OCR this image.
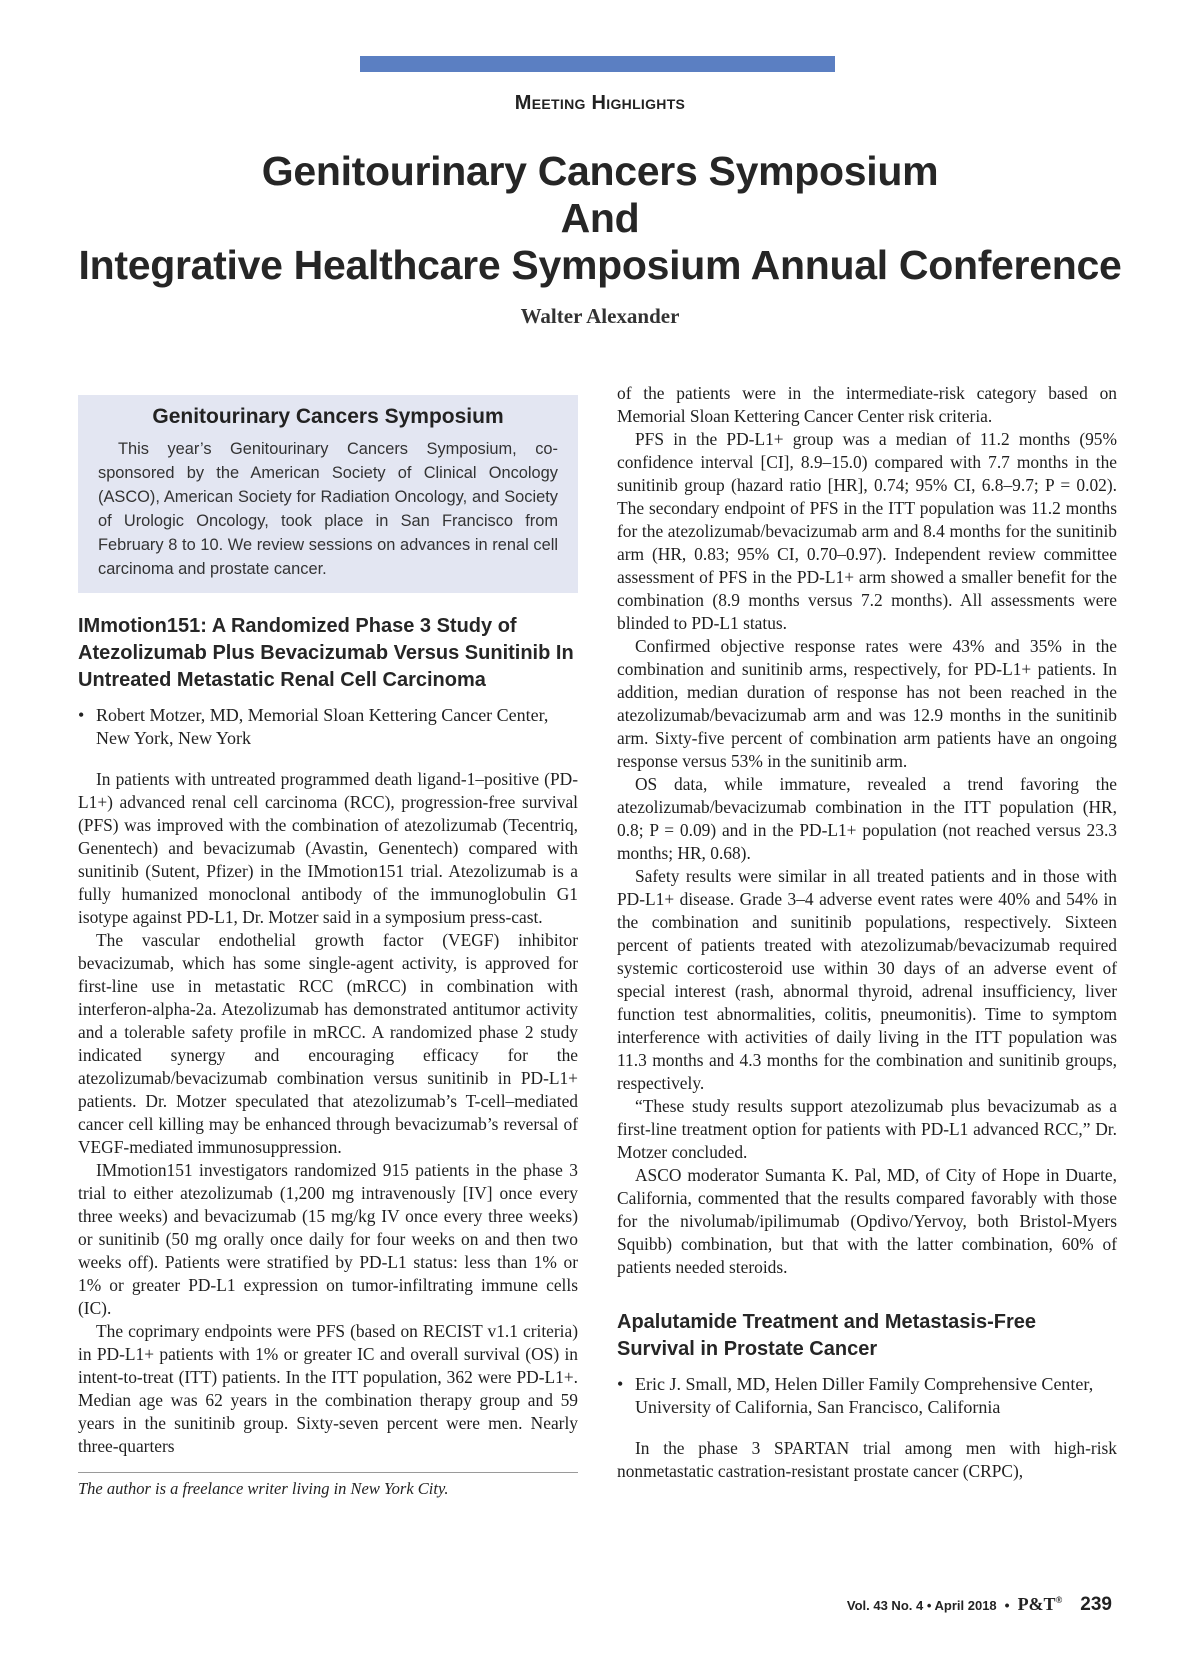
Meeting Highlights
Genitourinary Cancers Symposium
And
Integrative Healthcare Symposium Annual Conference
Walter Alexander
Genitourinary Cancers Symposium

This year’s Genitourinary Cancers Symposium, co-sponsored by the American Society of Clinical Oncology (ASCO), American Society for Radiation Oncology, and Society of Urologic Oncology, took place in San Francisco from February 8 to 10. We review sessions on advances in renal cell carcinoma and prostate cancer.

IMmotion151: A Randomized Phase 3 Study of Atezolizumab Plus Bevacizumab Versus Sunitinib In Untreated Metastatic Renal Cell Carcinoma
• Robert Motzer, MD, Memorial Sloan Kettering Cancer Center, New York, New York

In patients with untreated programmed death ligand-1–positive (PD-L1+) advanced renal cell carcinoma (RCC), progression-free survival (PFS) was improved with the combination of atezolizumab (Tecentriq, Genentech) and bevacizumab (Avastin, Genentech) compared with sunitinib (Sutent, Pfizer) in the IMmotion151 trial. Atezolizumab is a fully humanized monoclonal antibody of the immunoglobulin G1 isotype against PD-L1, Dr. Motzer said in a symposium press-cast.

The vascular endothelial growth factor (VEGF) inhibitor bevacizumab, which has some single-agent activity, is approved for first-line use in metastatic RCC (mRCC) in combination with interferon-alpha-2a. Atezolizumab has demonstrated antitumor activity and a tolerable safety profile in mRCC. A randomized phase 2 study indicated synergy and encouraging efficacy for the atezolizumab/bevacizumab combination versus sunitinib in PD-L1+ patients. Dr. Motzer speculated that atezolizumab’s T-cell–mediated cancer cell killing may be enhanced through bevacizumab’s reversal of VEGF-mediated immunosuppression.

IMmotion151 investigators randomized 915 patients in the phase 3 trial to either atezolizumab (1,200 mg intravenously [IV] once every three weeks) and bevacizumab (15 mg/kg IV once every three weeks) or sunitinib (50 mg orally once daily for four weeks on and then two weeks off). Patients were stratified by PD-L1 status: less than 1% or 1% or greater PD-L1 expression on tumor-infiltrating immune cells (IC).

The coprimary endpoints were PFS (based on RECIST v1.1 criteria) in PD-L1+ patients with 1% or greater IC and overall survival (OS) in intent-to-treat (ITT) patients. In the ITT population, 362 were PD-L1+. Median age was 62 years in the combination therapy group and 59 years in the sunitinib group. Sixty-seven percent were men. Nearly three-quarters

The author is a freelance writer living in New York City.

of the patients were in the intermediate-risk category based on Memorial Sloan Kettering Cancer Center risk criteria.

PFS in the PD-L1+ group was a median of 11.2 months (95% confidence interval [CI], 8.9–15.0) compared with 7.7 months in the sunitinib group (hazard ratio [HR], 0.74; 95% CI, 6.8–9.7; P = 0.02). The secondary endpoint of PFS in the ITT population was 11.2 months for the atezolizumab/bevacizumab arm and 8.4 months for the sunitinib arm (HR, 0.83; 95% CI, 0.70–0.97). Independent review committee assessment of PFS in the PD-L1+ arm showed a smaller benefit for the combination (8.9 months versus 7.2 months). All assessments were blinded to PD-L1 status.

Confirmed objective response rates were 43% and 35% in the combination and sunitinib arms, respectively, for PD-L1+ patients. In addition, median duration of response has not been reached in the atezolizumab/bevacizumab arm and was 12.9 months in the sunitinib arm. Sixty-five percent of combination arm patients have an ongoing response versus 53% in the sunitinib arm.

OS data, while immature, revealed a trend favoring the atezolizumab/bevacizumab combination in the ITT population (HR, 0.8; P = 0.09) and in the PD-L1+ population (not reached versus 23.3 months; HR, 0.68).

Safety results were similar in all treated patients and in those with PD-L1+ disease. Grade 3–4 adverse event rates were 40% and 54% in the combination and sunitinib populations, respectively. Sixteen percent of patients treated with atezolizumab/bevacizumab required systemic corticosteroid use within 30 days of an adverse event of special interest (rash, abnormal thyroid, adrenal insufficiency, liver function test abnormalities, colitis, pneumonitis). Time to symptom interference with activities of daily living in the ITT population was 11.3 months and 4.3 months for the combination and sunitinib groups, respectively.

“These study results support atezolizumab plus bevacizumab as a first-line treatment option for patients with PD-L1 advanced RCC,” Dr. Motzer concluded.

ASCO moderator Sumanta K. Pal, MD, of City of Hope in Duarte, California, commented that the results compared favorably with those for the nivolumab/ipilimumab (Opdivo/Yervoy, both Bristol-Myers Squibb) combination, but that with the latter combination, 60% of patients needed steroids.

Apalutamide Treatment and Metastasis-Free Survival in Prostate Cancer
• Eric J. Small, MD, Helen Diller Family Comprehensive Center, University of California, San Francisco, California

In the phase 3 SPARTAN trial among men with high-risk nonmetastatic castration-resistant prostate cancer (CRPC),

Vol. 43 No. 4 • April 2018 • P&T® 239
